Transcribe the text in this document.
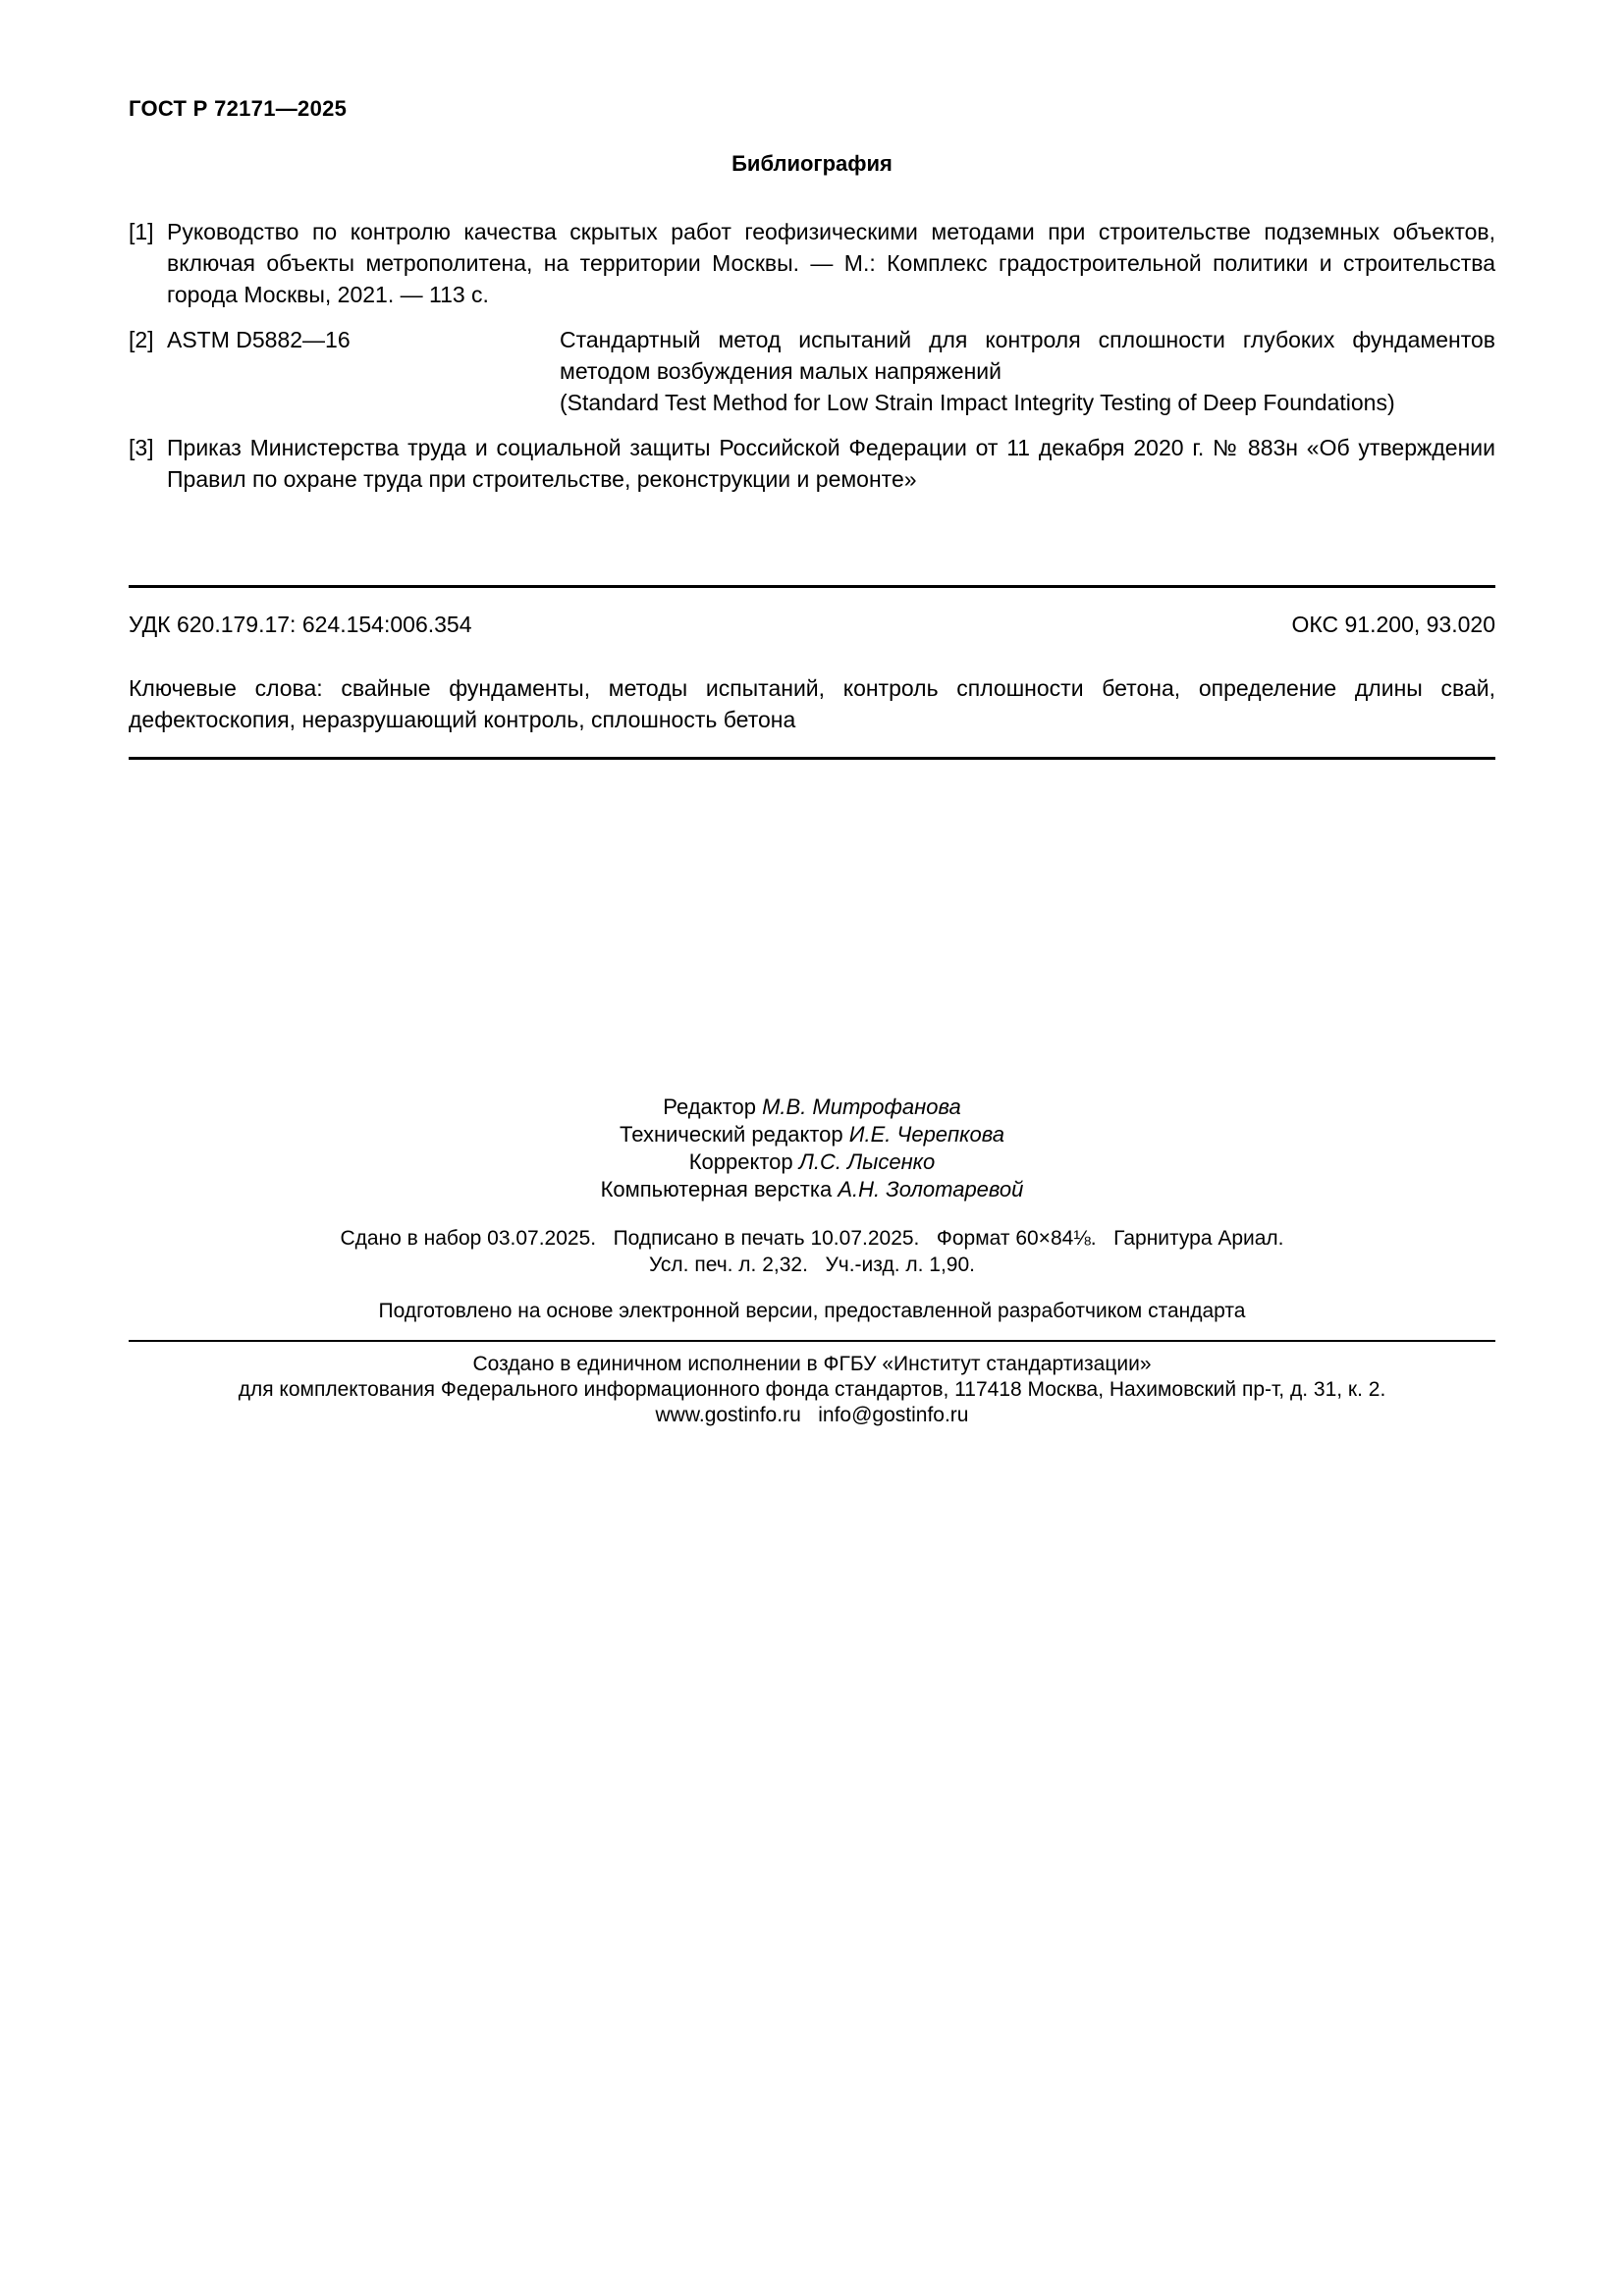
ГОСТ Р 72171—2025
Библиография
[1] Руководство по контролю качества скрытых работ геофизическими методами при строительстве подземных объектов, включая объекты метрополитена, на территории Москвы. — М.: Комплекс градостроительной политики и строительства города Москвы, 2021. — 113 с.
[2] ASTM D5882—16	Стандартный метод испытаний для контроля сплошности глубоких фундаментов методом возбуждения малых напряжений
(Standard Test Method for Low Strain Impact Integrity Testing of Deep Foundations)
[3] Приказ Министерства труда и социальной защиты Российской Федерации от 11 декабря 2020 г. № 883н «Об утверждении Правил по охране труда при строительстве, реконструкции и ремонте»
УДК 620.179.17: 624.154:006.354	ОКС 91.200, 93.020
Ключевые слова: свайные фундаменты, методы испытаний, контроль сплошности бетона, определение длины свай, дефектоскопия, неразрушающий контроль, сплошность бетона
Редактор М.В. Митрофанова
Технический редактор И.Е. Черепкова
Корректор Л.С. Лысенко
Компьютерная верстка А.Н. Золотаревой
Сдано в набор 03.07.2025.   Подписано в печать 10.07.2025.   Формат 60×84⅛.   Гарнитура Ариал.
Усл. печ. л. 2,32.   Уч.-изд. л. 1,90.
Подготовлено на основе электронной версии, предоставленной разработчиком стандарта
Создано в единичном исполнении в ФГБУ «Институт стандартизации»
для комплектования Федерального информационного фонда стандартов, 117418 Москва, Нахимовский пр-т, д. 31, к. 2.
www.gostinfo.ru   info@gostinfo.ru
